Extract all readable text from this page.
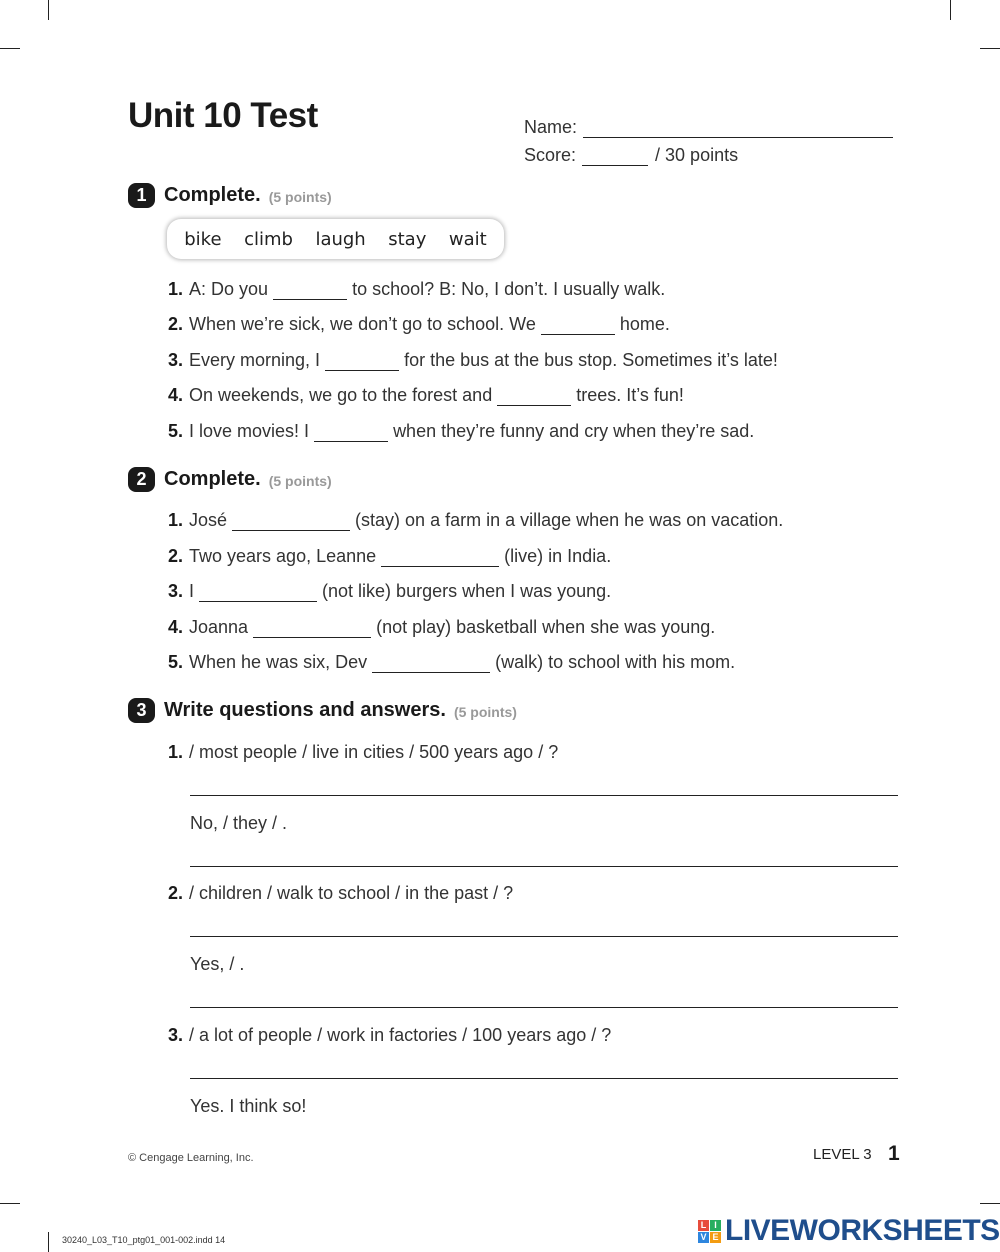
Unit 10 Test	Name:
Score:	/ 30 points
1 Complete. (5 points)
bike climb laugh stay wait
1. A: Do you	to school? B: No, I don’t. I usually walk.
2. When we’re sick, we don’t go to school. We	home.
3. Every morning, I	for the bus at the bus stop. Sometimes it’s late!
4. On weekends, we go to the forest and	trees. It’s fun!
5. I love movies! I	when they’re funny and cry when they’re sad.
2 Complete. (5 points)
1. José	(stay) on a farm in a village when he was on vacation.
2. Two years ago, Leanne	(live) in India.
3. I	(not like) burgers when I was young.
4. Joanna	(not play) basketball when she was young.
5. When he was six, Dev	(walk) to school with his mom.
3 Write questions and answers. (5 points)
1. / most people / live in cities / 500 years ago / ?
No, / they / .
2. / children / walk to school / in the past / ?
Yes, / .
3. / a lot of people / work in factories / 100 years ago / ?
Yes. I think so!
© Cengage Learning, Inc.	LEVEL 3 1
30240_L03_T10_ptg01_001-002.indd 14
L I
V E LIVEWORKSHEETS
